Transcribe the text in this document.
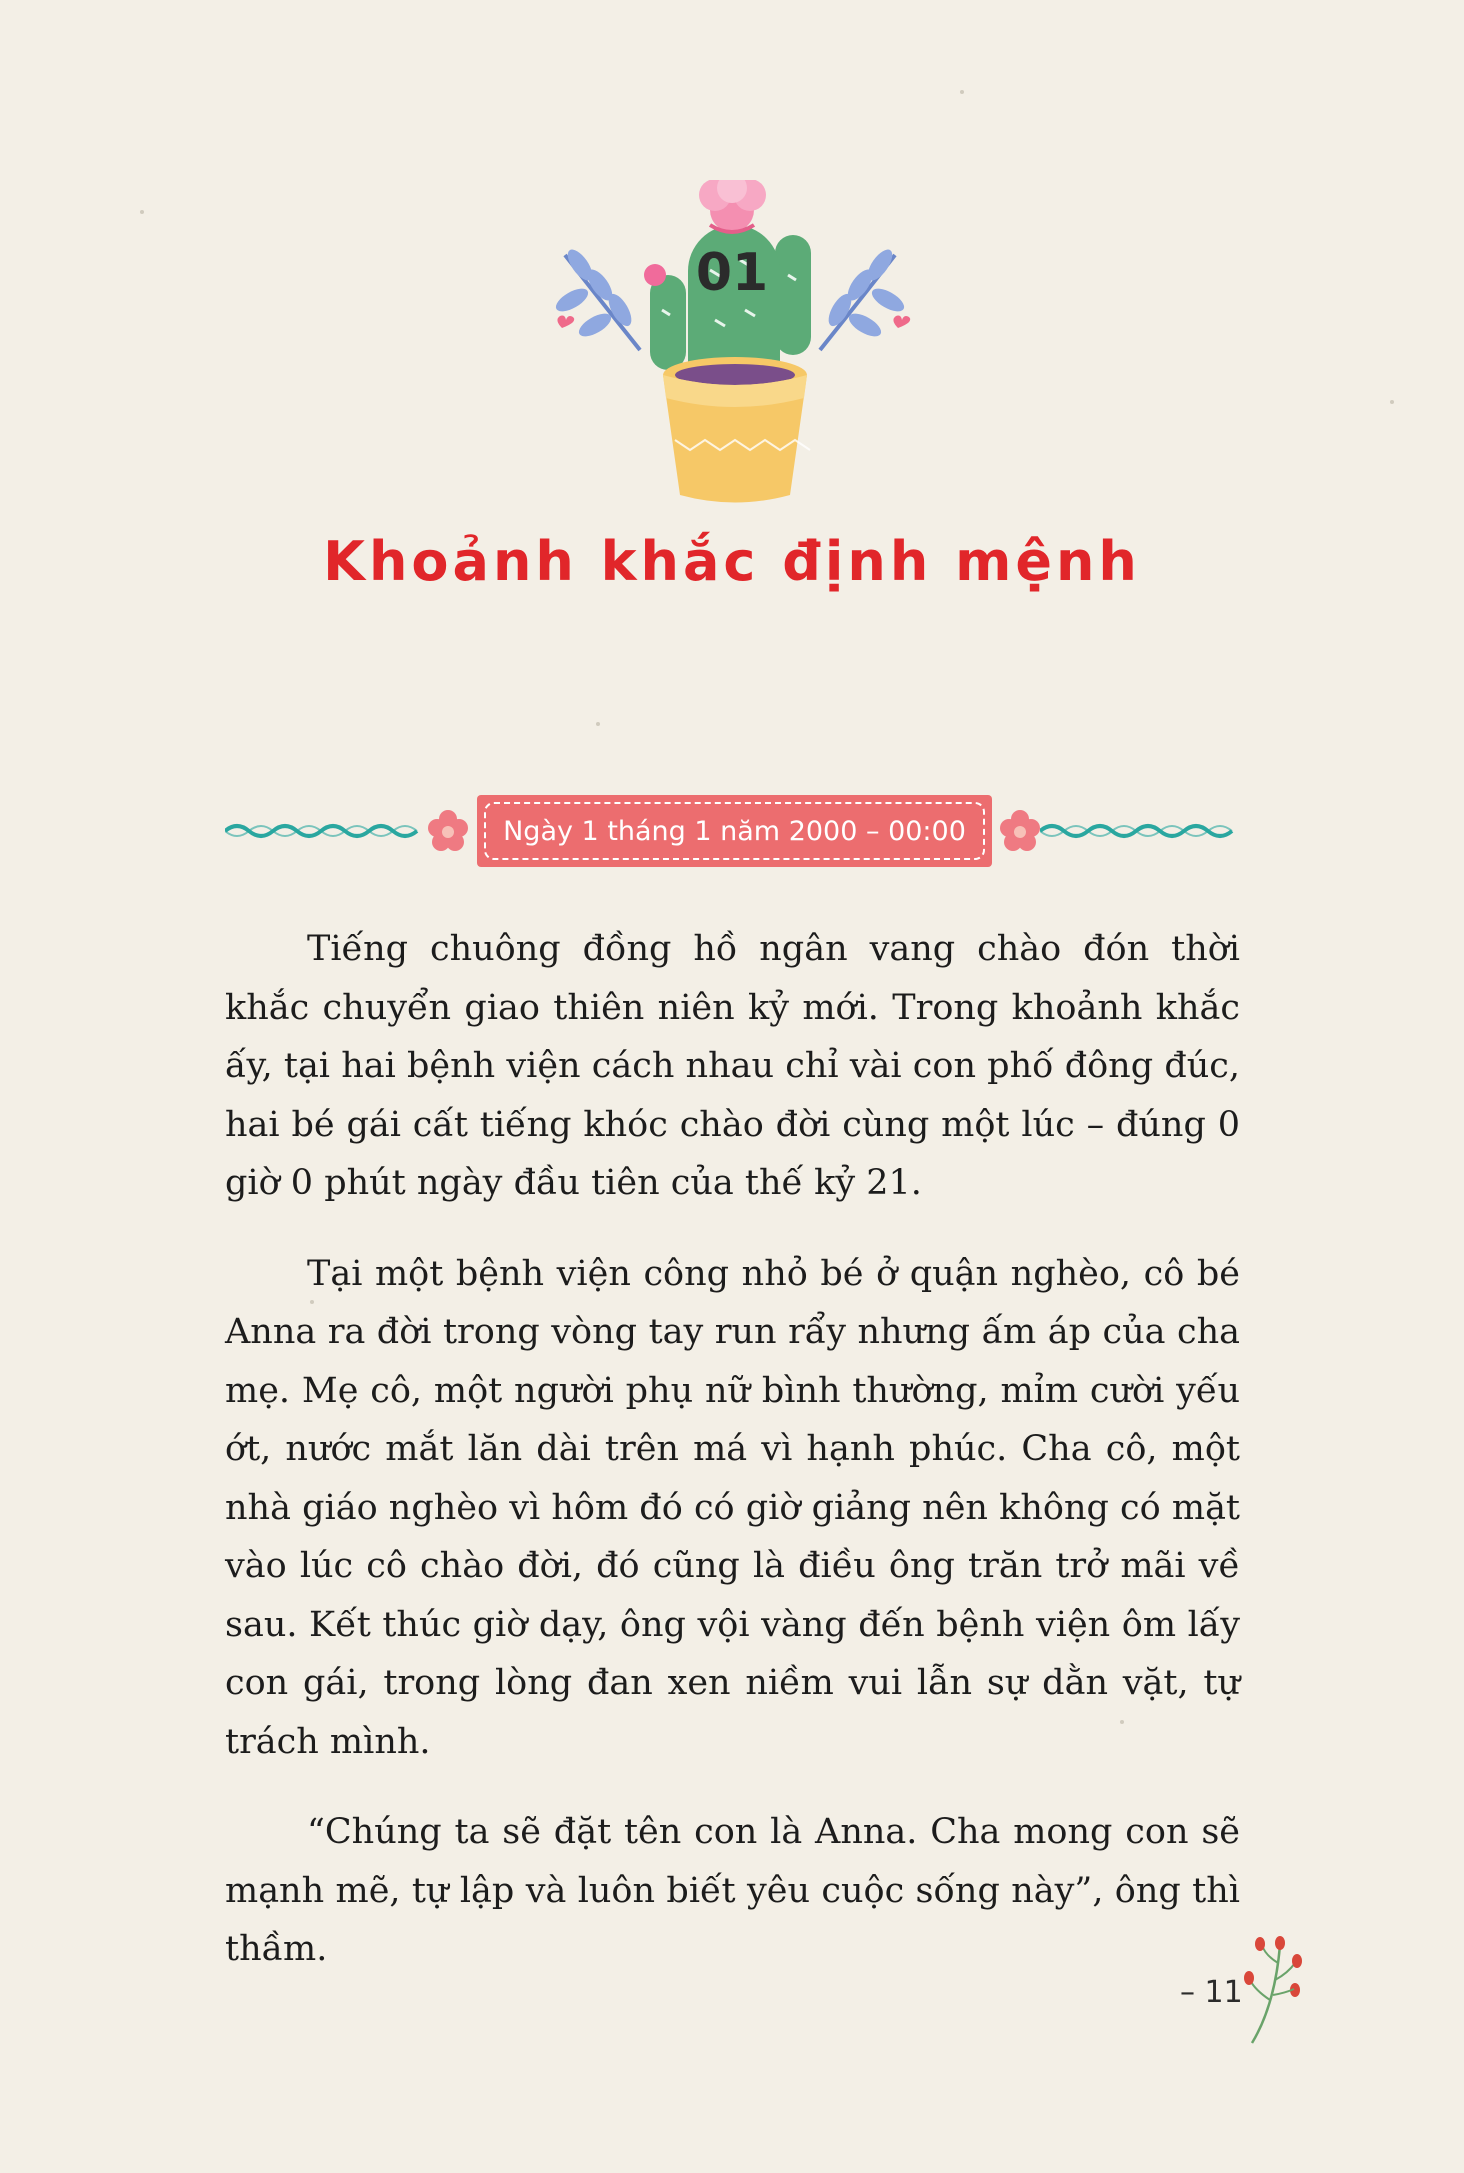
01
Khoảnh khắc định mệnh
Ngày 1 tháng 1 năm 2000 – 00:00

Tiếng chuông đồng hồ ngân vang chào đón thời khắc chuyển giao thiên niên kỷ mới. Trong khoảnh khắc ấy, tại hai bệnh viện cách nhau chỉ vài con phố đông đúc, hai bé gái cất tiếng khóc chào đời cùng một lúc – đúng 0 giờ 0 phút ngày đầu tiên của thế kỷ 21.

Tại một bệnh viện công nhỏ bé ở quận nghèo, cô bé Anna ra đời trong vòng tay run rẩy nhưng ấm áp của cha mẹ. Mẹ cô, một người phụ nữ bình thường, mỉm cười yếu ớt, nước mắt lăn dài trên má vì hạnh phúc. Cha cô, một nhà giáo nghèo vì hôm đó có giờ giảng nên không có mặt vào lúc cô chào đời, đó cũng là điều ông trăn trở mãi về sau. Kết thúc giờ dạy, ông vội vàng đến bệnh viện ôm lấy con gái, trong lòng đan xen niềm vui lẫn sự dằn vặt, tự trách mình.

“Chúng ta sẽ đặt tên con là Anna. Cha mong con sẽ mạnh mẽ, tự lập và luôn biết yêu cuộc sống này”, ông thì thầm.

– 11
